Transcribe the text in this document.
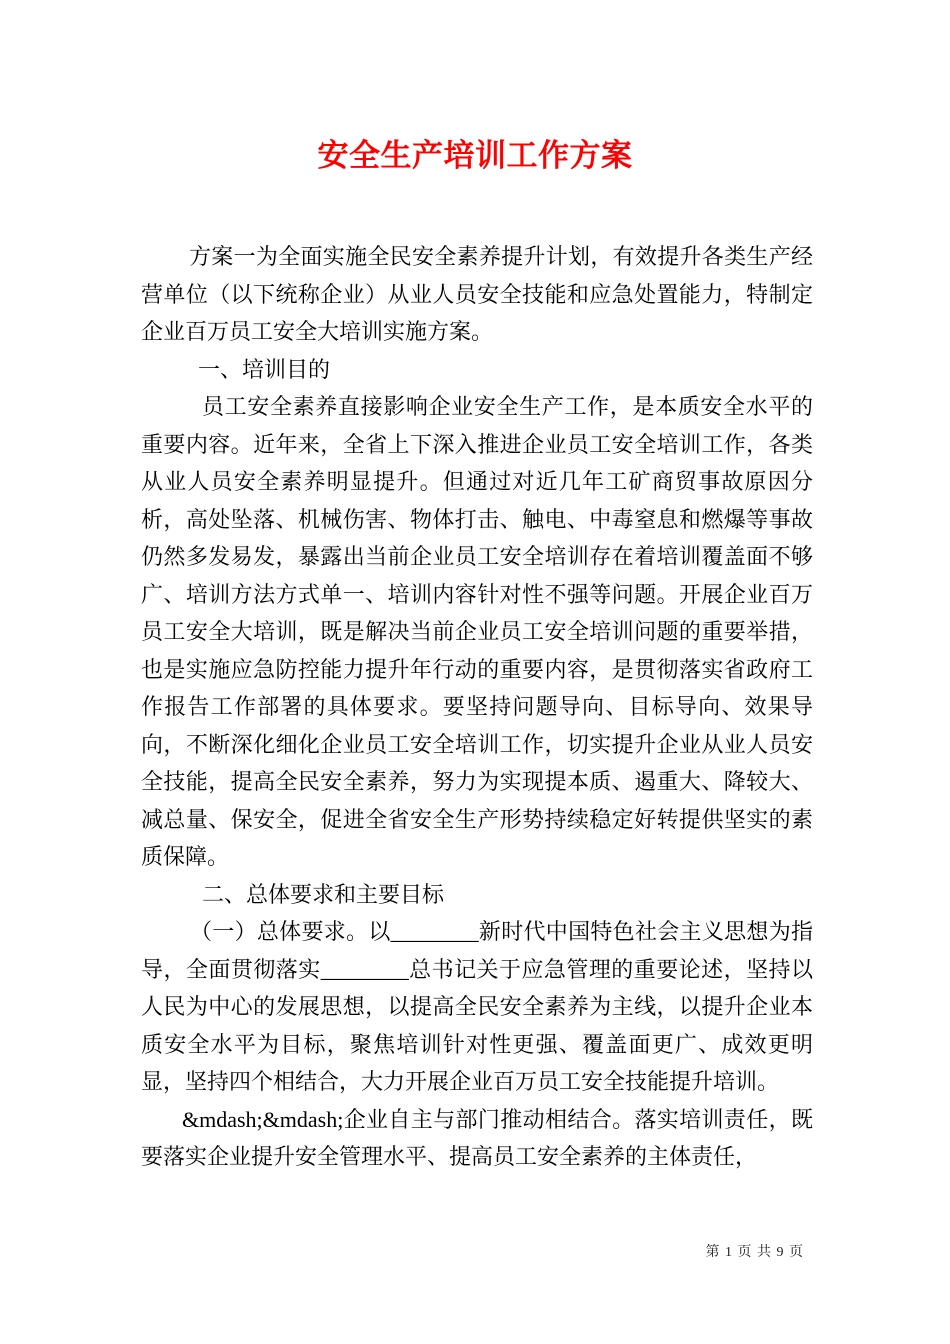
安全生产培训工作方案

方案一为全面实施全民安全素养提升计划，有效提升各类生产经营单位（以下统称企业）从业人员安全技能和应急处置能力，特制定企业百万员工安全大培训实施方案。

一、培训目的

员工安全素养直接影响企业安全生产工作，是本质安全水平的重要内容。近年来，全省上下深入推进企业员工安全培训工作，各类从业人员安全素养明显提升。但通过对近几年工矿商贸事故原因分析，高处坠落、机械伤害、物体打击、触电、中毒窒息和燃爆等事故仍然多发易发，暴露出当前企业员工安全培训存在着培训覆盖面不够广、培训方法方式单一、培训内容针对性不强等问题。开展企业百万员工安全大培训，既是解决当前企业员工安全培训问题的重要举措，也是实施应急防控能力提升年行动的重要内容，是贯彻落实省政府工作报告工作部署的具体要求。要坚持问题导向、目标导向、效果导向，不断深化细化企业员工安全培训工作，切实提升企业从业人员安全技能，提高全民安全素养，努力为实现提本质、遏重大、降较大、减总量、保安全，促进全省安全生产形势持续稳定好转提供坚实的素质保障。

二、总体要求和主要目标

（一）总体要求。以________新时代中国特色社会主义思想为指导，全面贯彻落实________总书记关于应急管理的重要论述，坚持以人民为中心的发展思想，以提高全民安全素养为主线，以提升企业本质安全水平为目标，聚焦培训针对性更强、覆盖面更广、成效更明显，坚持四个相结合，大力开展企业百万员工安全技能提升培训。

&mdash;&mdash;企业自主与部门推动相结合。落实培训责任，既要落实企业提升安全管理水平、提高员工安全素养的主体责任，

第 1 页 共 9 页
